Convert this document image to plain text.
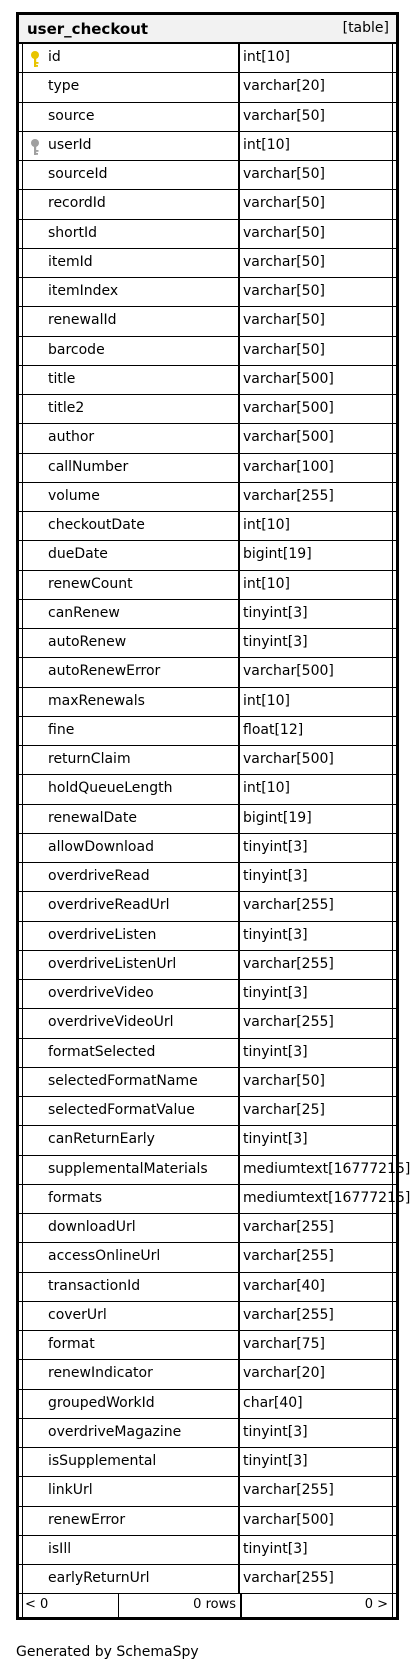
user_checkout	[table]
id	int[10]
type	varchar[20]
source	varchar[50]
userId	int[10]
sourceId	varchar[50]
recordId	varchar[50]
shortId	varchar[50]
itemId	varchar[50]
itemIndex	varchar[50]
renewalId	varchar[50]
barcode	varchar[50]
title	varchar[500]
title2	varchar[500]
author	varchar[500]
callNumber	varchar[100]
volume	varchar[255]
checkoutDate	int[10]
dueDate	bigint[19]
renewCount	int[10]
canRenew	tinyint[3]
autoRenew	tinyint[3]
autoRenewError	varchar[500]
maxRenewals	int[10]
fine	float[12]
returnClaim	varchar[500]
holdQueueLength	int[10]
renewalDate	bigint[19]
allowDownload	tinyint[3]
overdriveRead	tinyint[3]
overdriveReadUrl	varchar[255]
overdriveListen	tinyint[3]
overdriveListenUrl	varchar[255]
overdriveVideo	tinyint[3]
overdriveVideoUrl	varchar[255]
formatSelected	tinyint[3]
selectedFormatName	varchar[50]
selectedFormatValue	varchar[25]
canReturnEarly	tinyint[3]
supplementalMaterials	mediumtext[16777215]
formats	mediumtext[16777215]
downloadUrl	varchar[255]
accessOnlineUrl	varchar[255]
transactionId	varchar[40]
coverUrl	varchar[255]
format	varchar[75]
renewIndicator	varchar[20]
groupedWorkId	char[40]
overdriveMagazine	tinyint[3]
isSupplemental	tinyint[3]
linkUrl	varchar[255]
renewError	varchar[500]
isIll	tinyint[3]
earlyReturnUrl	varchar[255]
< 0	0 rows	0 >
Generated by SchemaSpy
